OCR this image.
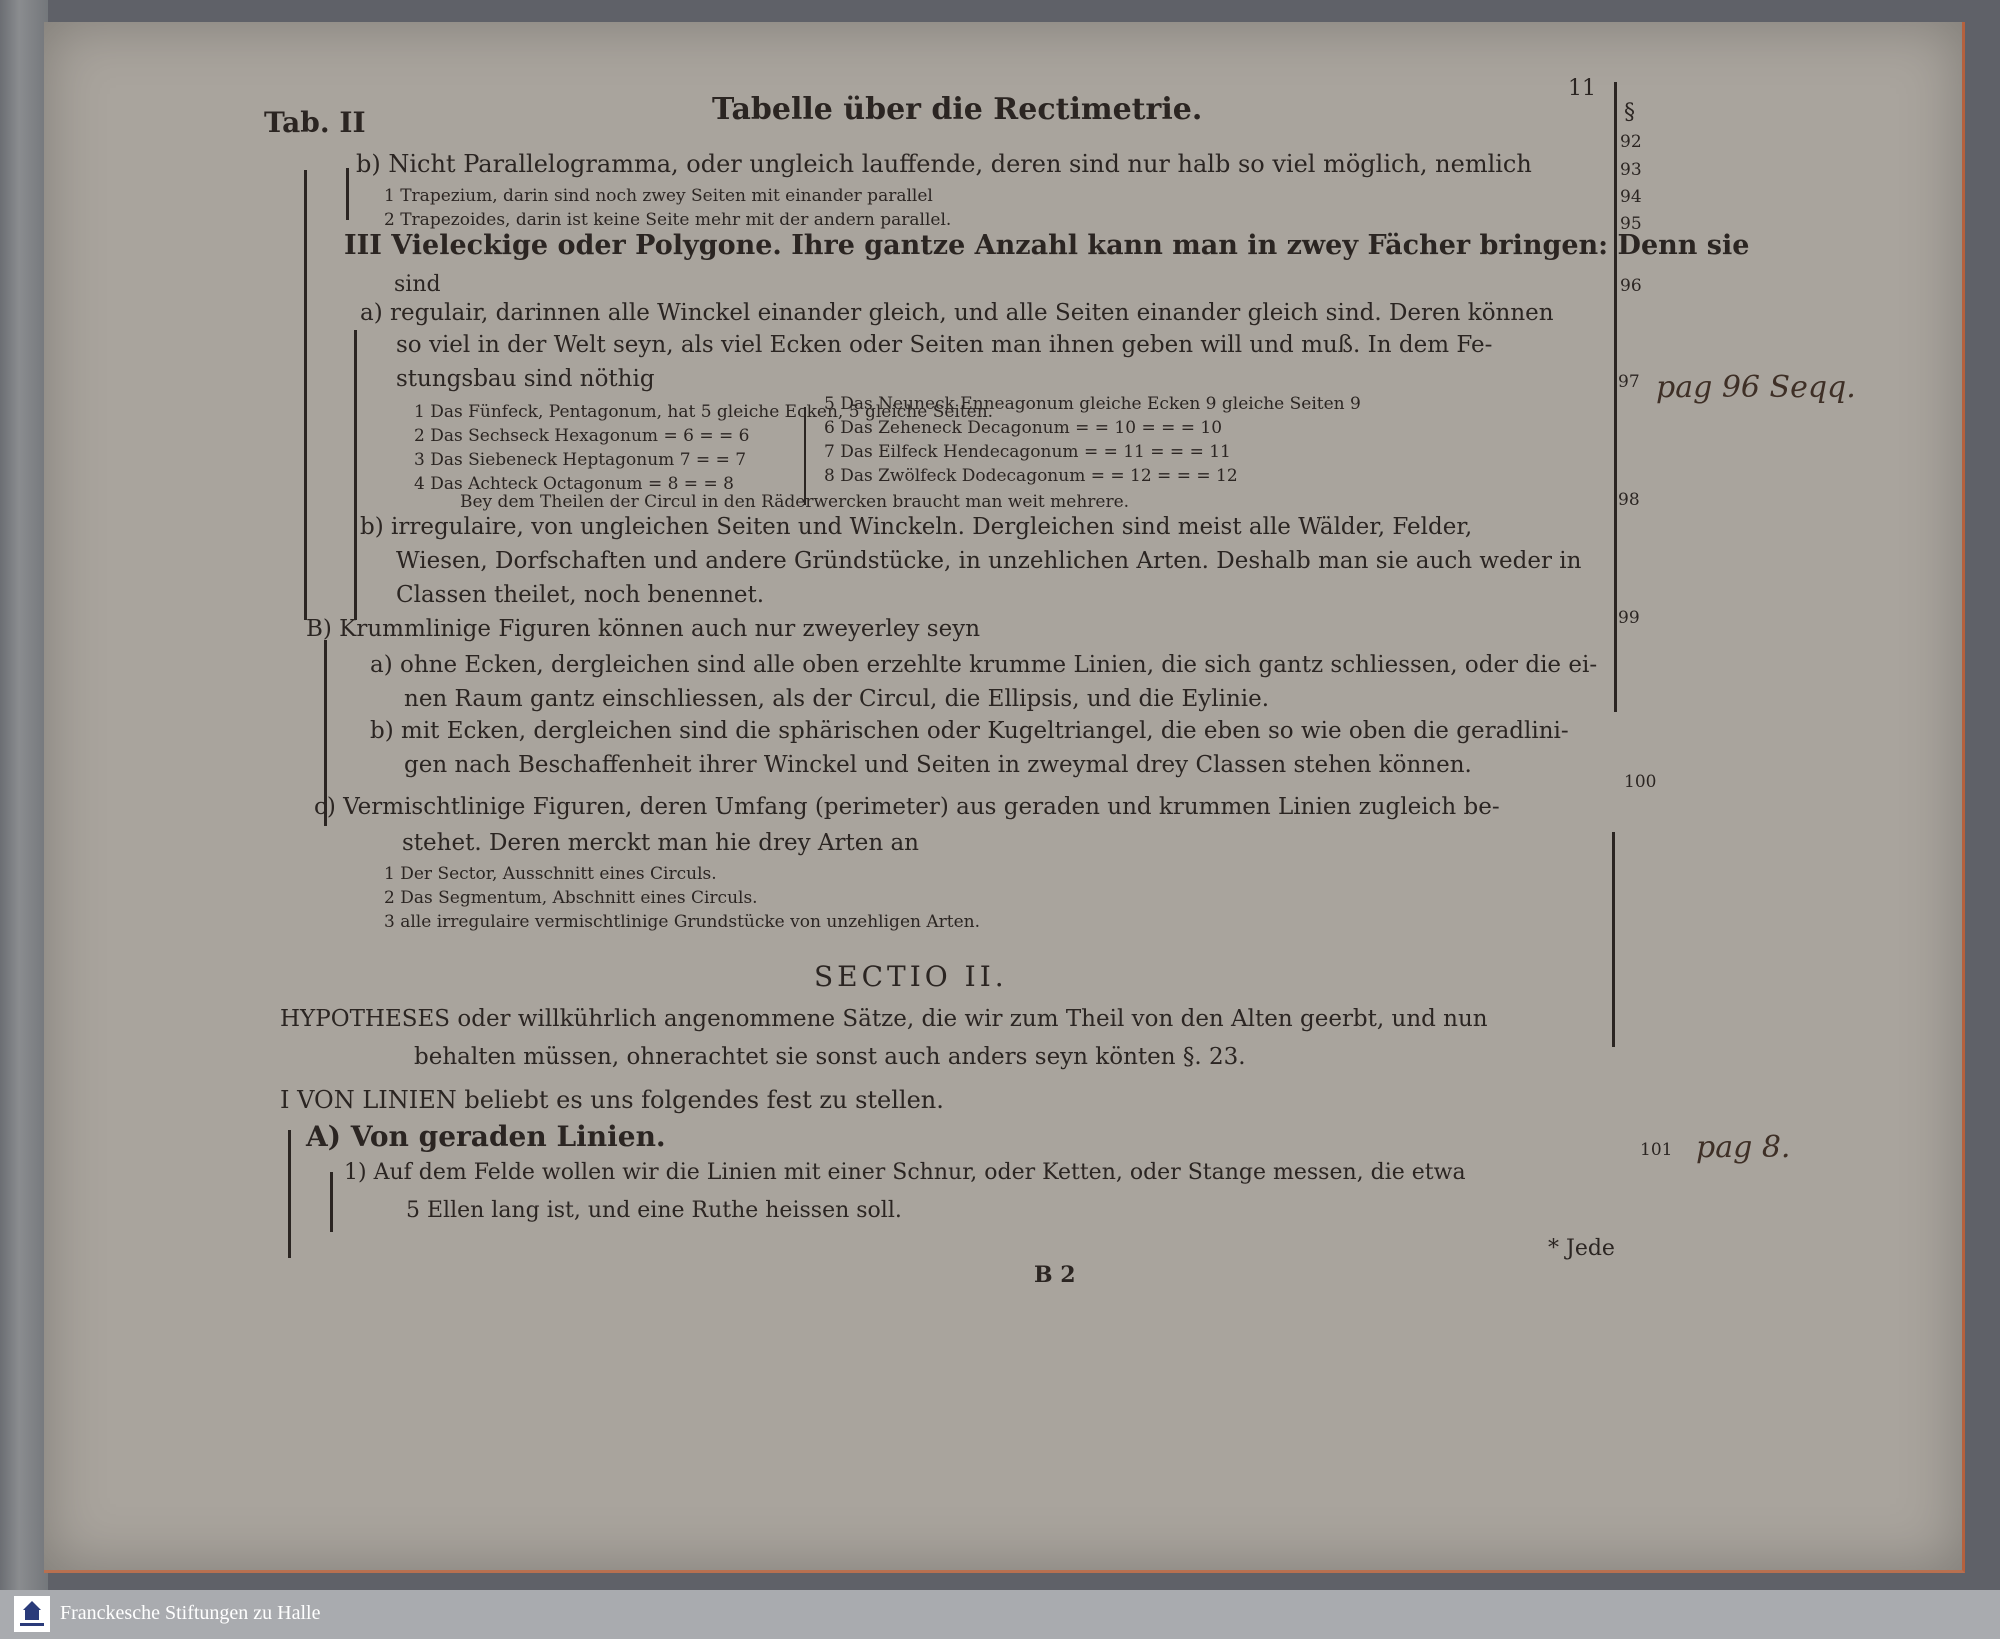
Tab. II	Tabelle über die Rectimetrie.
11
§
92
93
94
95
96
97
98
99
100
101
pag 96 Seqq.
pag 8.
b) Nicht Parallelogramma, oder ungleich lauffende, deren sind nur halb so viel möglich, nemlich
1 Trapezium, darin sind noch zwey Seiten mit einander parallel
2 Trapezoides, darin ist keine Seite mehr mit der andern parallel.
III Vieleckige oder Polygone. Ihre gantze Anzahl kann man in zwey Fächer bringen: Denn sie
sind
a) regulair, darinnen alle Winckel einander gleich, und alle Seiten einander gleich sind. Deren können
so viel in der Welt seyn, als viel Ecken oder Seiten man ihnen geben will und muß. In dem Fe-
stungsbau sind nöthig
1 Das Fünfeck, Pentagonum, hat 5 gleiche Ecken, 5 gleiche Seiten.
2 Das Sechseck Hexagonum = 6 = = 6
3 Das Siebeneck Heptagonum 7 = = 7
4 Das Achteck Octagonum = 8 = = 8
5 Das Neuneck Enneagonum gleiche Ecken 9 gleiche Seiten 9
6 Das Zeheneck Decagonum = = 10 = = = 10
7 Das Eilfeck Hendecagonum = = 11 = = = 11
8 Das Zwölfeck Dodecagonum = = 12 = = = 12
Bey dem Theilen der Circul in den Räderwercken braucht man weit mehrere.
b) irregulaire, von ungleichen Seiten und Winckeln. Dergleichen sind meist alle Wälder, Felder,
Wiesen, Dorfschaften und andere Gründstücke, in unzehlichen Arten. Deshalb man sie auch weder in
Classen theilet, noch benennet.
B) Krummlinige Figuren können auch nur zweyerley seyn
a) ohne Ecken, dergleichen sind alle oben erzehlte krumme Linien, die sich gantz schliessen, oder die ei-
nen Raum gantz einschliessen, als der Circul, die Ellipsis, und die Eylinie.
b) mit Ecken, dergleichen sind die sphärischen oder Kugeltriangel, die eben so wie oben die geradlini-
gen nach Beschaffenheit ihrer Winckel und Seiten in zweymal drey Classen stehen können.
c) Vermischtlinige Figuren, deren Umfang (perimeter) aus geraden und krummen Linien zugleich be-
stehet. Deren merckt man hie drey Arten an
1 Der Sector, Ausschnitt eines Circuls.
2 Das Segmentum, Abschnitt eines Circuls.
3 alle irregulaire vermischtlinige Grundstücke von unzehligen Arten.
SECTIO II.
HYPOTHESES oder willkührlich angenommene Sätze, die wir zum Theil von den Alten geerbt, und nun
behalten müssen, ohnerachtet sie sonst auch anders seyn könten §. 23.
I VON LINIEN beliebt es uns folgendes fest zu stellen.
A) Von geraden Linien.
1) Auf dem Felde wollen wir die Linien mit einer Schnur, oder Ketten, oder Stange messen, die etwa
5 Ellen lang ist, und eine Ruthe heissen soll.
* Jede
B 2
Franckesche Stiftungen zu Halle
